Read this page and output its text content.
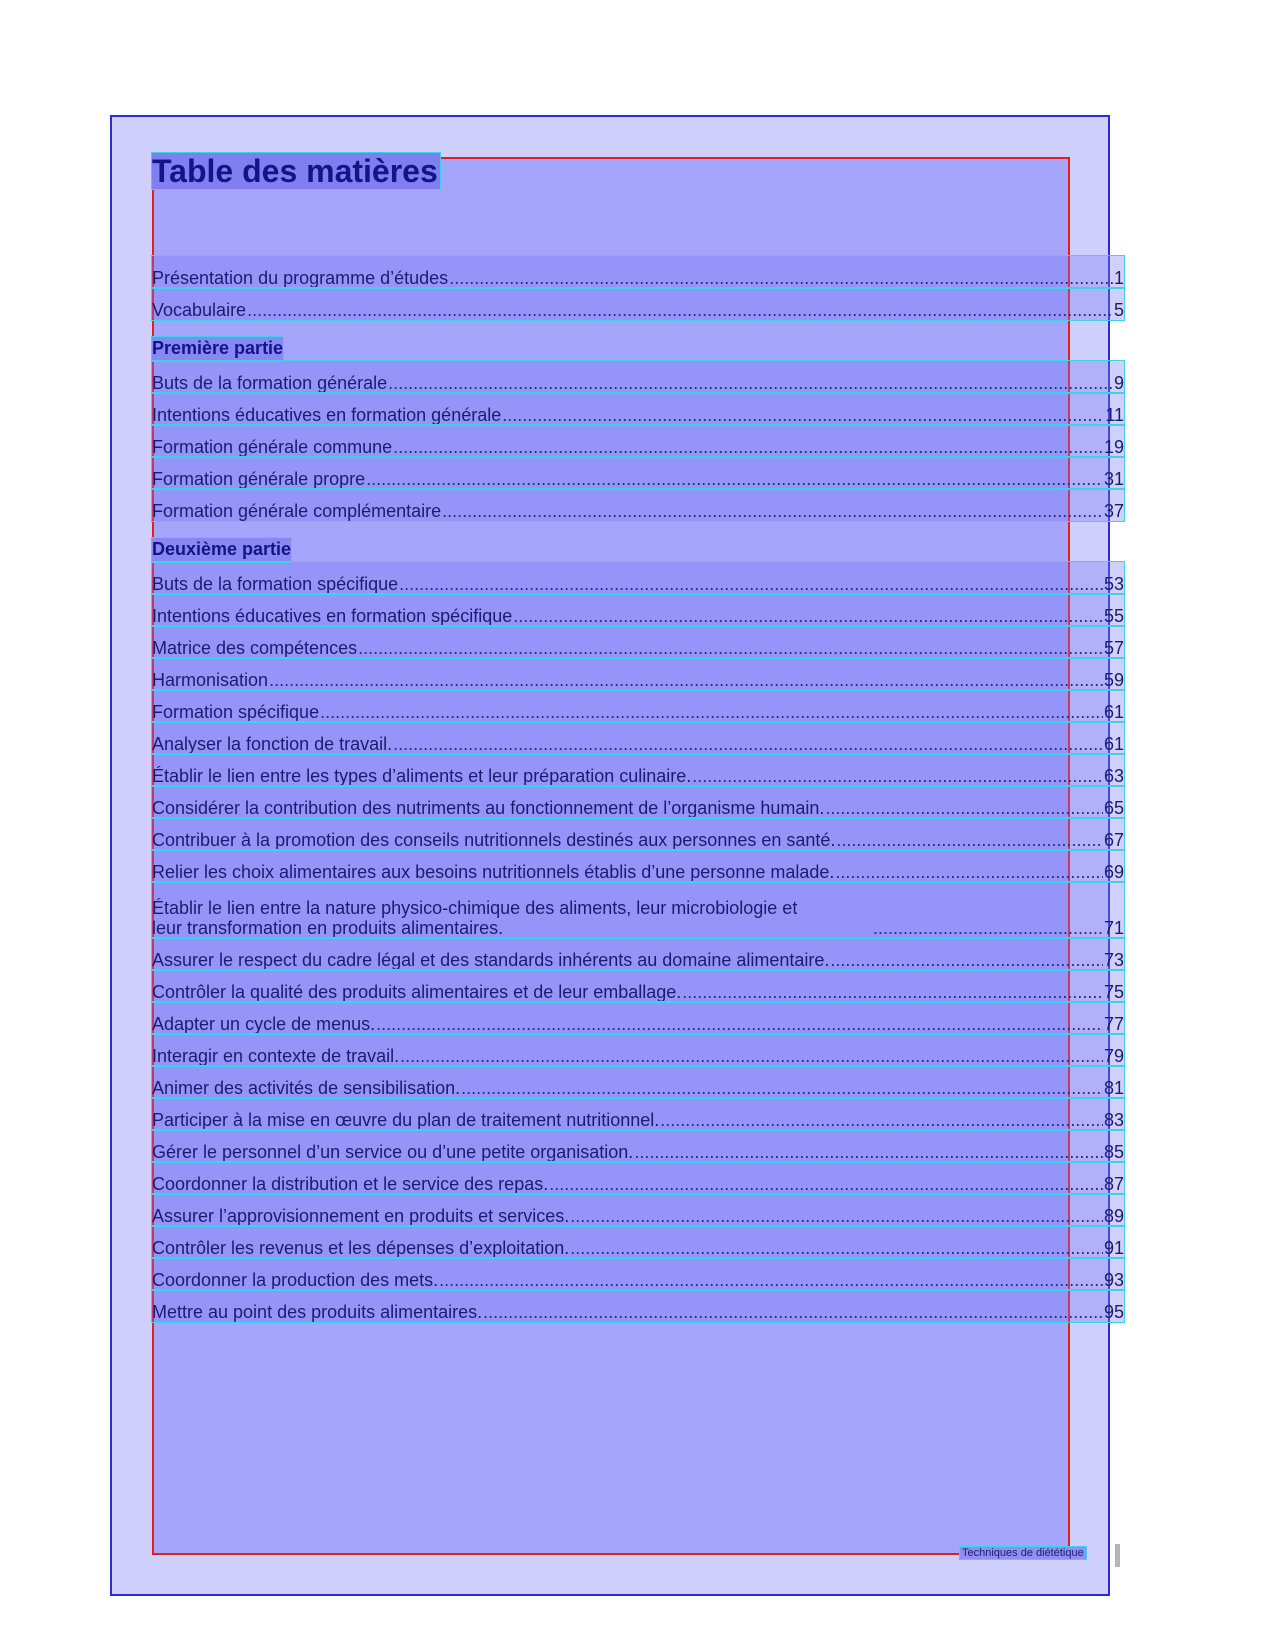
Table des matières
Présentation du programme d’études .....	1
Vocabulaire .....	5
Première partie
Buts de la formation générale .....	9
Intentions éducatives en formation générale .....	11
Formation générale commune .....	19
Formation générale propre .....	31
Formation générale complémentaire .....	37
Deuxième partie
Buts de la formation spécifique .....	53
Intentions éducatives en formation spécifique .....	55
Matrice des compétences .....	57
Harmonisation .....	59
Formation spécifique .....	61
Analyser la fonction de travail. .....	61
Établir le lien entre les types d’aliments et leur préparation culinaire. .....	63
Considérer la contribution des nutriments au fonctionnement de l’organisme humain. .....	65
Contribuer à la promotion des conseils nutritionnels destinés aux personnes en santé. .....	67
Relier les choix alimentaires aux besoins nutritionnels établis d’une personne malade. .....	69
Établir le lien entre la nature physico-chimique des aliments, leur microbiologie et
leur transformation en produits alimentaires. .....	71
Assurer le respect du cadre légal et des standards inhérents au domaine alimentaire. .....	73
Contrôler la qualité des produits alimentaires et de leur emballage. .....	75
Adapter un cycle de menus. .....	77
Interagir en contexte de travail. .....	79
Animer des activités de sensibilisation. .....	81
Participer à la mise en œuvre du plan de traitement nutritionnel. .....	83
Gérer le personnel d’un service ou d’une petite organisation. .....	85
Coordonner la distribution et le service des repas. .....	87
Assurer l’approvisionnement en produits et services. .....	89
Contrôler les revenus et les dépenses d’exploitation. .....	91
Coordonner la production des mets. .....	93
Mettre au point des produits alimentaires. .....	95
Techniques de diététique
